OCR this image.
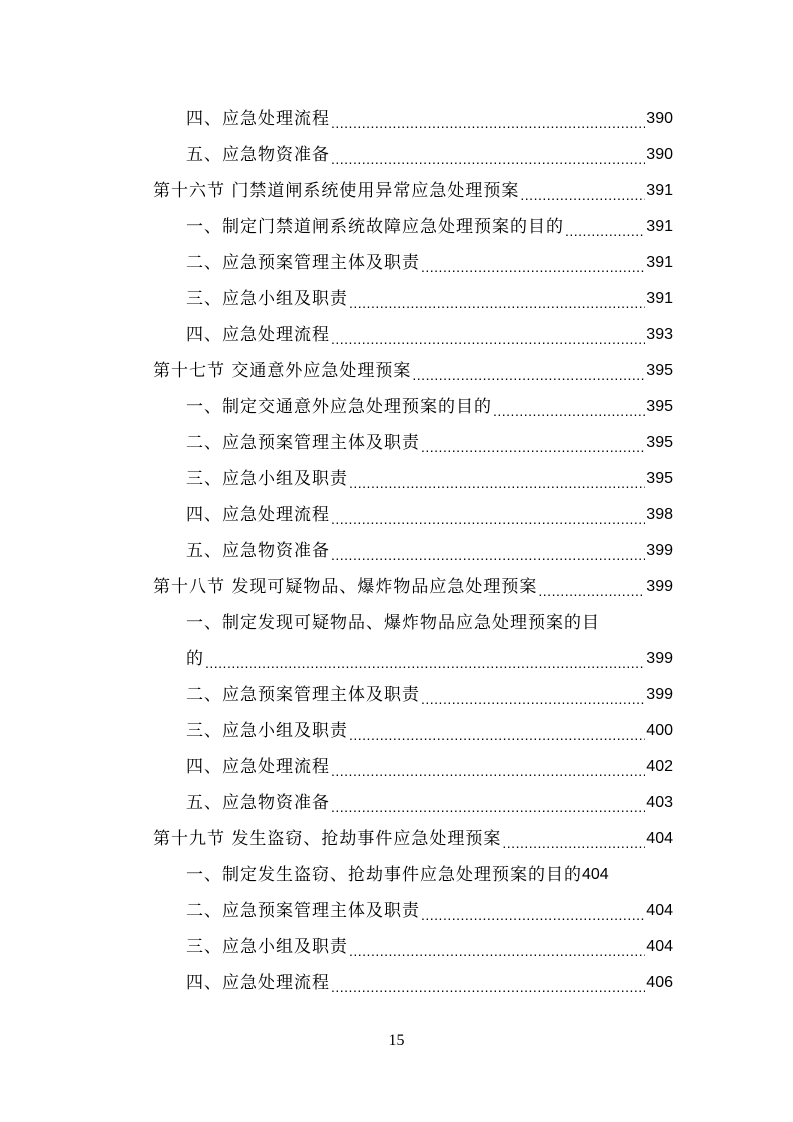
四、应急处理流程 .....	390
五、应急物资准备 .....	390
第十六节 门禁道闸系统使用异常应急处理预案 .....	391
一、制定门禁道闸系统故障应急处理预案的目的 .....	391
二、应急预案管理主体及职责 .....	391
三、应急小组及职责 .....	391
四、应急处理流程 .....	393
第十七节 交通意外应急处理预案 .....	395
一、制定交通意外应急处理预案的目的 .....	395
二、应急预案管理主体及职责 .....	395
三、应急小组及职责 .....	395
四、应急处理流程 .....	398
五、应急物资准备 .....	399
第十八节 发现可疑物品、爆炸物品应急处理预案 .....	399
一、制定发现可疑物品、爆炸物品应急处理预案的目
的 .....	399
二、应急预案管理主体及职责 .....	399
三、应急小组及职责 .....	400
四、应急处理流程 .....	402
五、应急物资准备 .....	403
第十九节 发生盗窃、抢劫事件应急处理预案 .....	404
一、制定发生盗窃、抢劫事件应急处理预案的目的 404
二、应急预案管理主体及职责 .....	404
三、应急小组及职责 .....	404
四、应急处理流程 .....	406
15
